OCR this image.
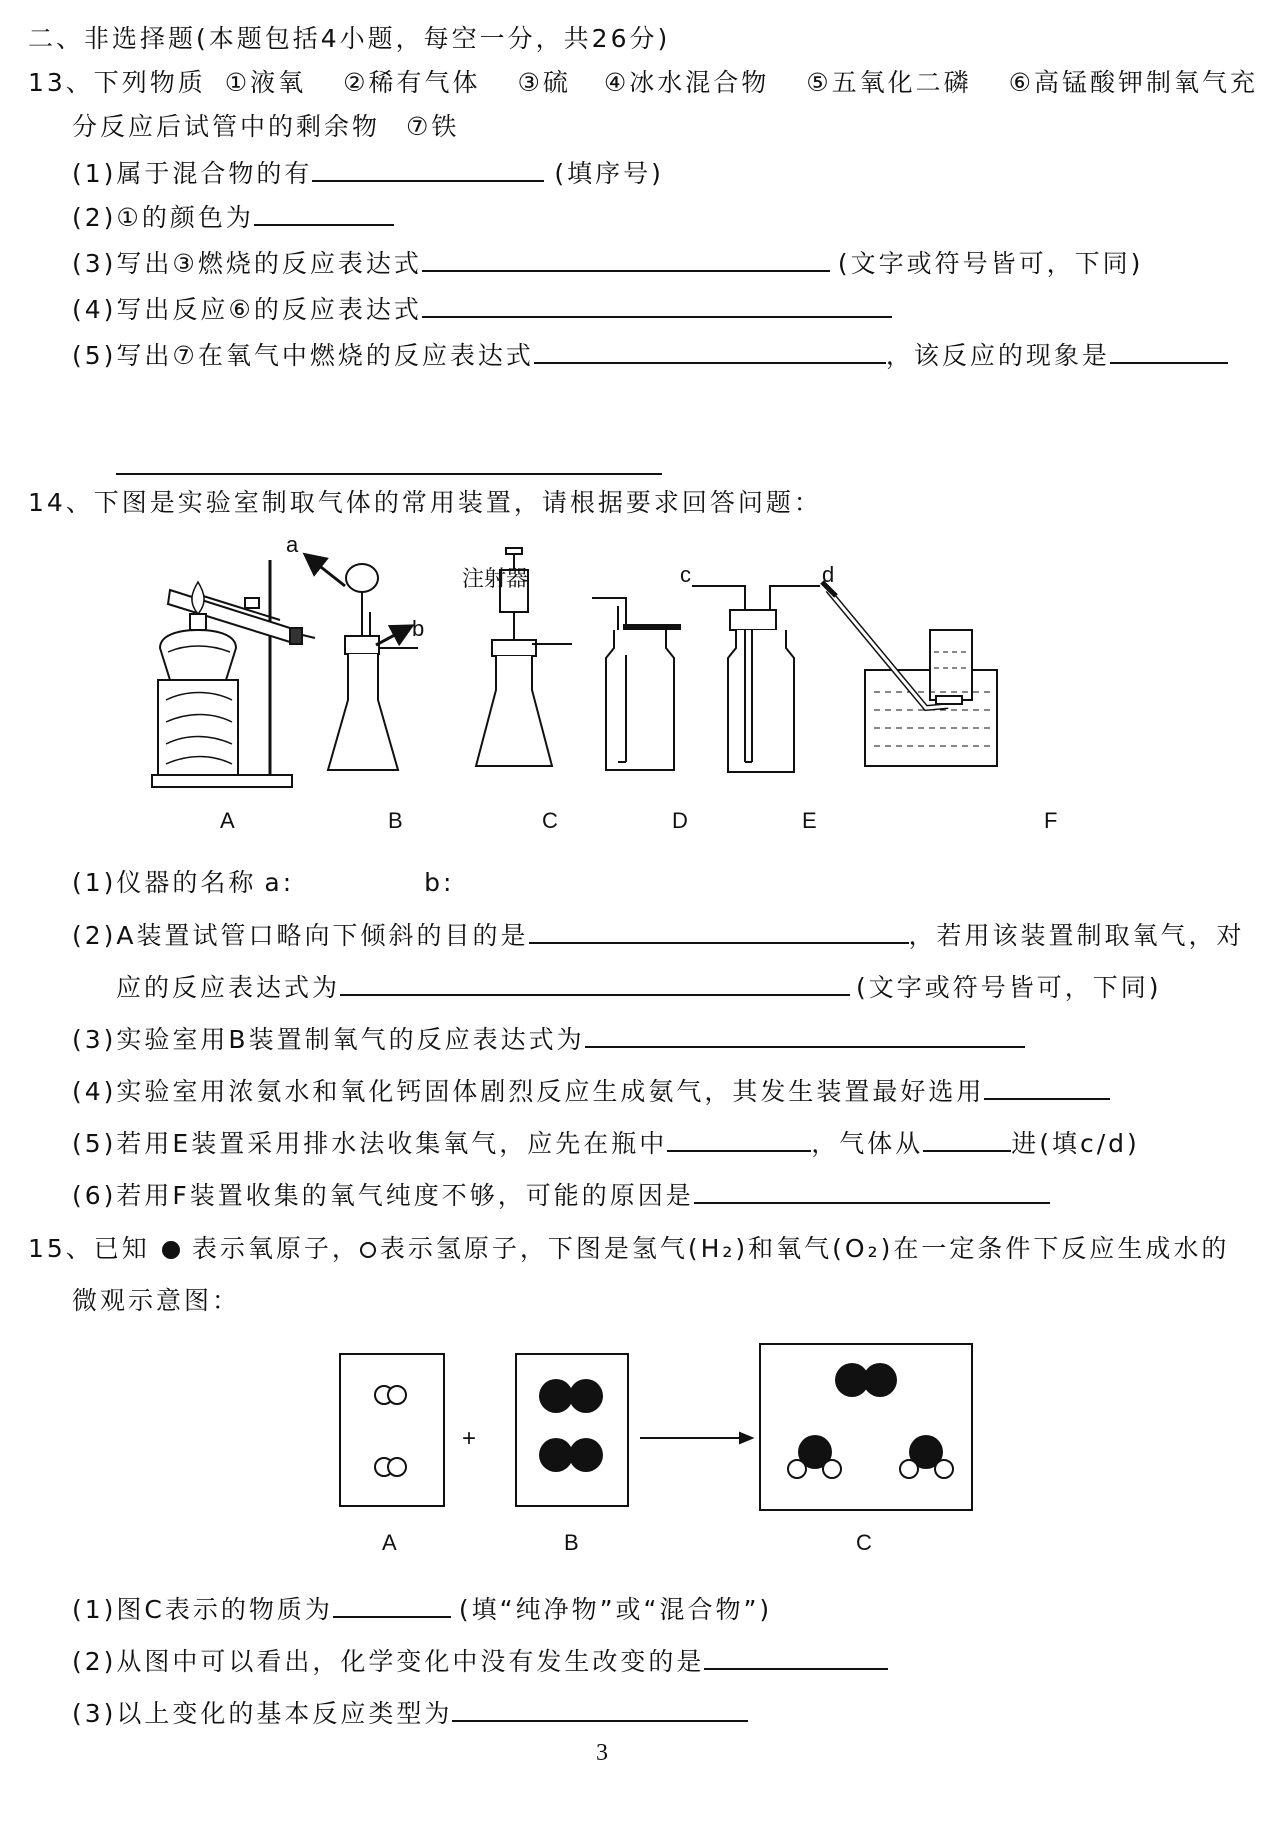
二、非选择题(本题包括4小题，每空一分，共26分)
13、下列物质 ①液氧 ②稀有气体 ③硫 ④冰水混合物 ⑤五氧化二磷 ⑥高锰酸钾制氧气充
分反应后试管中的剩余物 ⑦铁
(1)属于混合物的有	(填序号)
(2)①的颜色为
(3)写出③燃烧的反应表达式	(文字或符号皆可，下同)
(4)写出反应⑥的反应表达式
(5)写出⑦在氧气中燃烧的反应表达式	，该反应的现象是
14、下图是实验室制取气体的常用装置，请根据要求回答问题：
a
b
注射器	c	d
A	B	C	D	E	F
(1)仪器的名称 a:	b:
(2)A装置试管口略向下倾斜的目的是	，若用该装置制取氧气，对
应的反应表达式为	(文字或符号皆可，下同)
(3)实验室用B装置制氧气的反应表达式为
(4)实验室用浓氨水和氧化钙固体剧烈反应生成氨气，其发生装置最好选用
(5)若用E装置采用排水法收集氧气，应先在瓶中	，气体从	进(填c/d)
(6)若用F装置收集的氧气纯度不够，可能的原因是
15、已知 表示氧原子， 表示氢原子，下图是氢气(H₂)和氧气(O₂)在一定条件下反应生成水的
微观示意图：
+
A	B	C
(1)图C表示的物质为	(填“纯净物”或“混合物”)
(2)从图中可以看出，化学变化中没有发生改变的是
(3)以上变化的基本反应类型为
3
